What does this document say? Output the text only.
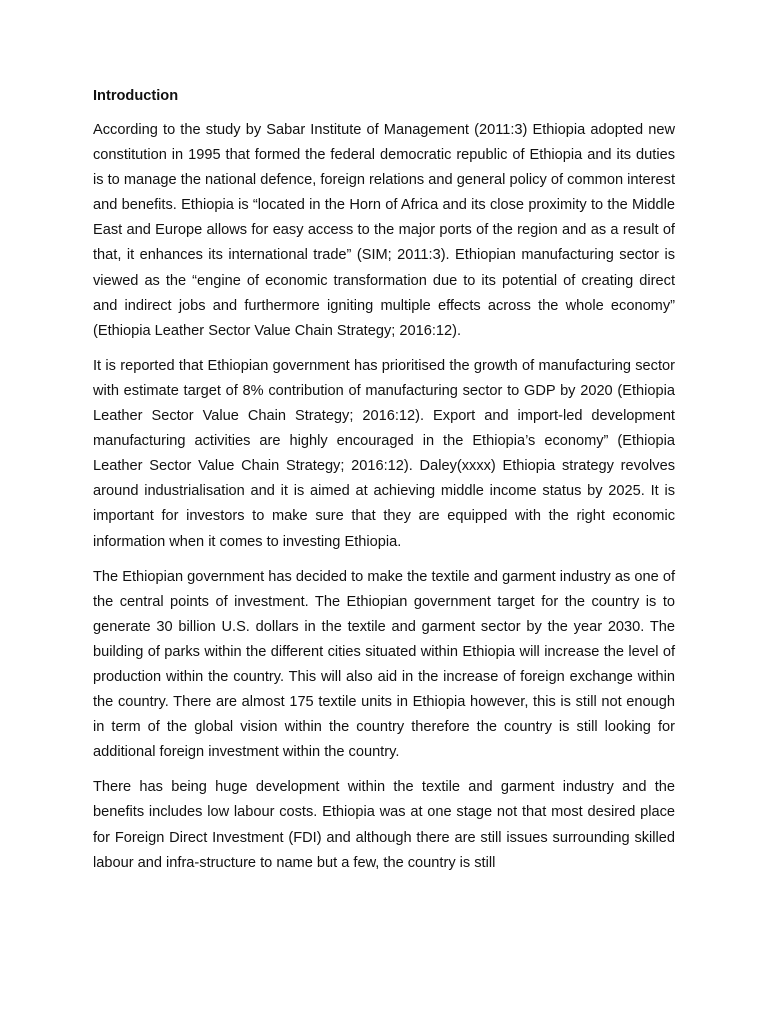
Introduction

According to the study by Sabar Institute of Management (2011:3) Ethiopia adopted new constitution in 1995 that formed the federal democratic republic of Ethiopia and its duties is to manage the national defence, foreign relations and general policy of common interest and benefits. Ethiopia is “located in the Horn of Africa and its close proximity to the Middle East and Europe allows for easy access to the major ports of the region and as a result of that, it enhances its international trade” (SIM; 2011:3). Ethiopian manufacturing sector is viewed as the “engine of economic transformation due to its potential of creating direct and indirect jobs and furthermore igniting multiple effects across the whole economy” (Ethiopia Leather Sector Value Chain Strategy; 2016:12).

It is reported that Ethiopian government has prioritised the growth of manufacturing sector with estimate target of 8% contribution of manufacturing sector to GDP by 2020 (Ethiopia Leather Sector Value Chain Strategy; 2016:12). Export and import-led development manufacturing activities are highly encouraged in the Ethiopia’s economy” (Ethiopia Leather Sector Value Chain Strategy; 2016:12). Daley(xxxx) Ethiopia strategy revolves around industrialisation and it is aimed at achieving middle income status by 2025. It is important for investors to make sure that they are equipped with the right economic information when it comes to investing Ethiopia.

The Ethiopian government has decided to make the textile and garment industry as one of the central points of investment. The Ethiopian government target for the country is to generate 30 billion U.S. dollars in the textile and garment sector by the year 2030. The building of parks within the different cities situated within Ethiopia will increase the level of production within the country. This will also aid in the increase of foreign exchange within the country. There are almost 175 textile units in Ethiopia however, this is still not enough in term of the global vision within the country therefore the country is still looking for additional foreign investment within the country.

There has being huge development within the textile and garment industry and the benefits includes low labour costs. Ethiopia was at one stage not that most desired place for Foreign Direct Investment (FDI) and although there are still issues surrounding skilled labour and infra-structure to name but a few, the country is still
